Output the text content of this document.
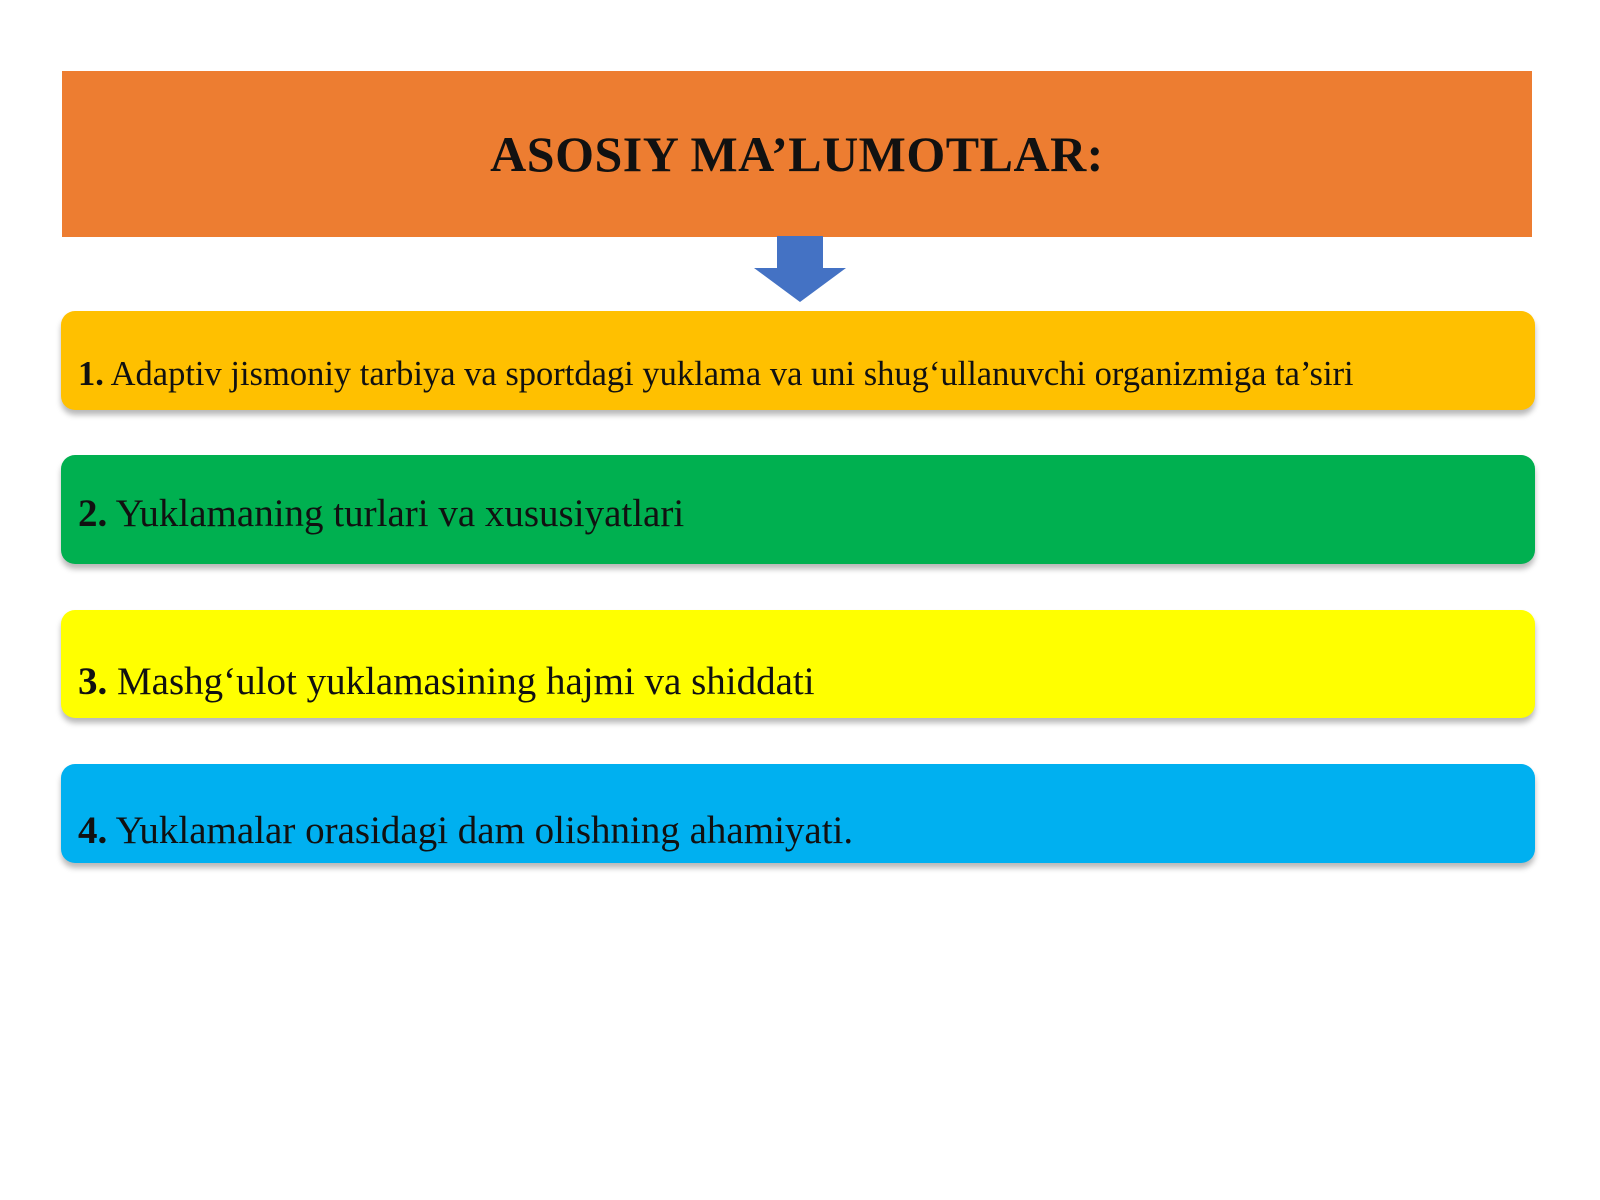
ASOSIY MA’LUMOTLAR:
1. Adaptiv jismoniy tarbiya va sportdagi yuklama va uni shug‘ullanuvchi organizmiga ta’siri
2. Yuklamaning turlari va xususiyatlari
3. Mashg‘ulot yuklamasining hajmi va shiddati
4. Yuklamalar orasidagi dam olishning ahamiyati.
